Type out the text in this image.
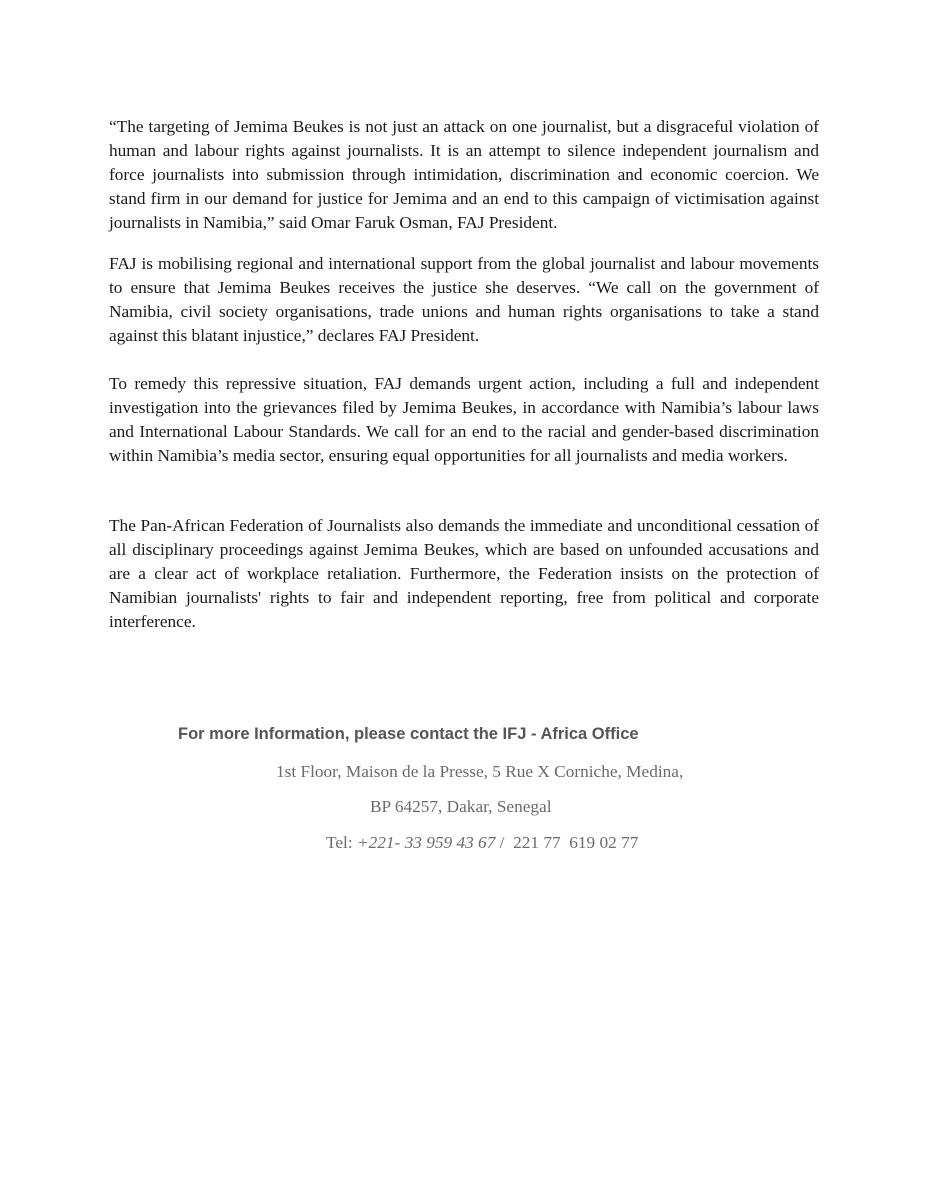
“The targeting of Jemima Beukes is not just an attack on one journalist, but a disgraceful violation of human and labour rights against journalists. It is an attempt to silence independent journalism and force journalists into submission through intimidation, discrimination and economic coercion. We stand firm in our demand for justice for Jemima and an end to this campaign of victimisation against journalists in Namibia,” said Omar Faruk Osman, FAJ President.

FAJ is mobilising regional and international support from the global journalist and labour movements to ensure that Jemima Beukes receives the justice she deserves. “We call on the government of Namibia, civil society organisations, trade unions and human rights organisations to take a stand against this blatant injustice,” declares FAJ President.

To remedy this repressive situation, FAJ demands urgent action, including a full and independent investigation into the grievances filed by Jemima Beukes, in accordance with Namibia’s labour laws and International Labour Standards. We call for an end to the racial and gender-based discrimination within Namibia’s media sector, ensuring equal opportunities for all journalists and media workers.

The Pan-African Federation of Journalists also demands the immediate and unconditional cessation of all disciplinary proceedings against Jemima Beukes, which are based on unfounded accusations and are a clear act of workplace retaliation. Furthermore, the Federation insists on the protection of Namibian journalists' rights to fair and independent reporting, free from political and corporate interference.

For more Information, please contact the IFJ - Africa Office

1st Floor, Maison de la Presse, 5 Rue X Corniche, Medina,

BP 64257, Dakar, Senegal

Tel: +221- 33 959 43 67 /  221 77  619 02 77
